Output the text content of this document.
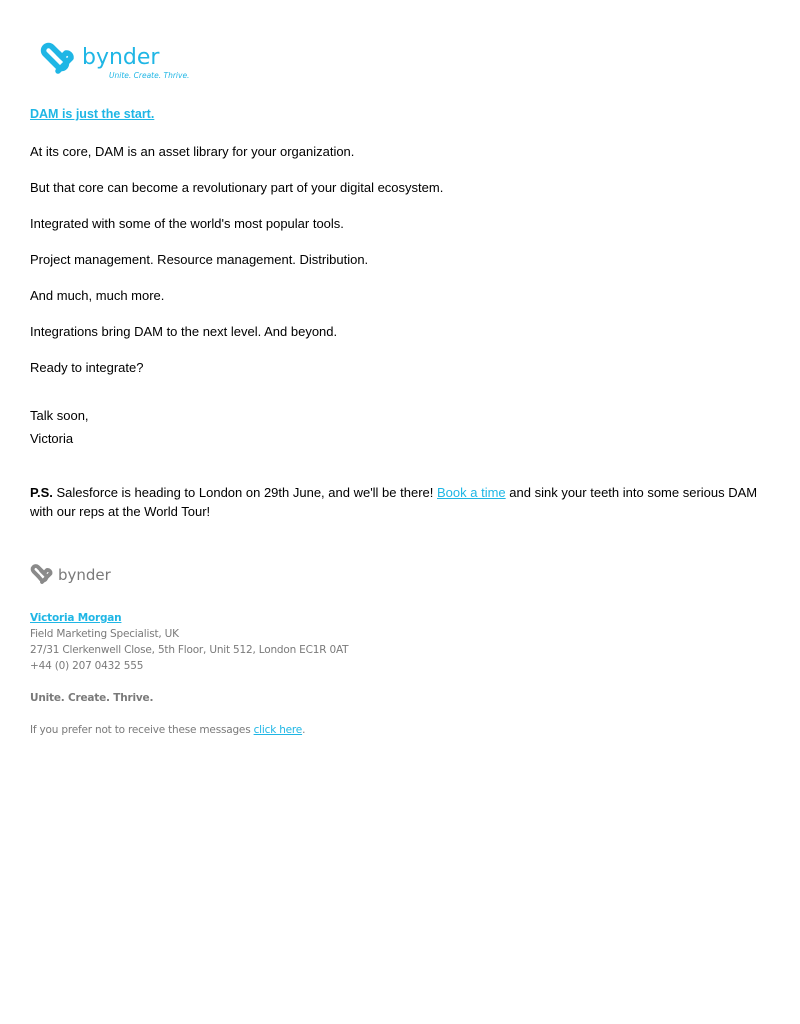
bynder
Unite. Create. Thrive.
DAM is just the start.
At its core, DAM is an asset library for your organization.
But that core can become a revolutionary part of your digital ecosystem.
Integrated with some of the world's most popular tools.
Project management. Resource management. Distribution.
And much, much more.
Integrations bring DAM to the next level. And beyond.
Ready to integrate?
Talk soon,
Victoria
P.S. Salesforce is heading to London on 29th June, and we'll be there! Book a time and sink your teeth into some serious DAM with our reps at the World Tour!
bynder
Victoria Morgan
Field Marketing Specialist, UK
27/31 Clerkenwell Close, 5th Floor, Unit 512, London EC1R 0AT
+44 (0) 207 0432 555
Unite. Create. Thrive.
If you prefer not to receive these messages click here.
